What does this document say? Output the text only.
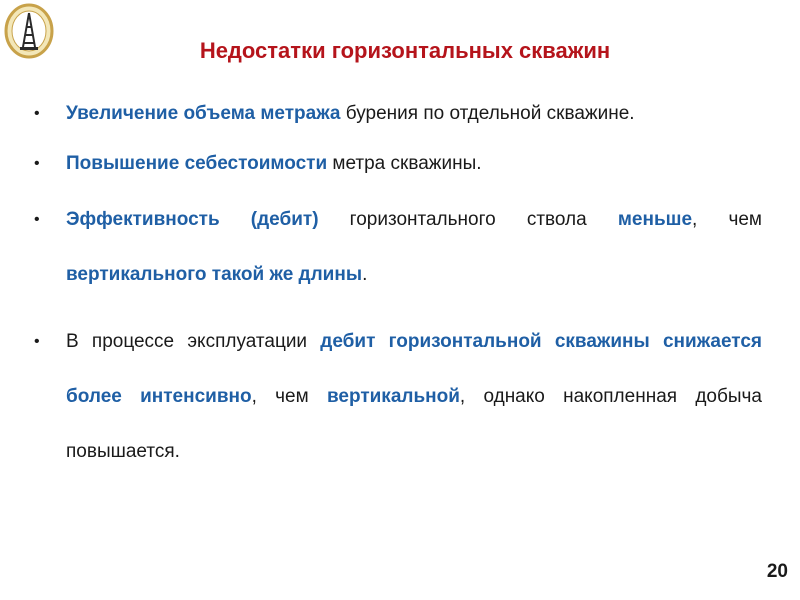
Недостатки горизонтальных скважин
• Увеличение объема метража бурения по отдельной скважине.
• Повышение себестоимости метра скважины.
• Эффективность (дебит) горизонтального ствола меньше, чем вертикального такой же длины.
• В процессе эксплуатации дебит горизонтальной скважины снижается более интенсивно, чем вертикальной, однако накопленная добыча повышается.
20
